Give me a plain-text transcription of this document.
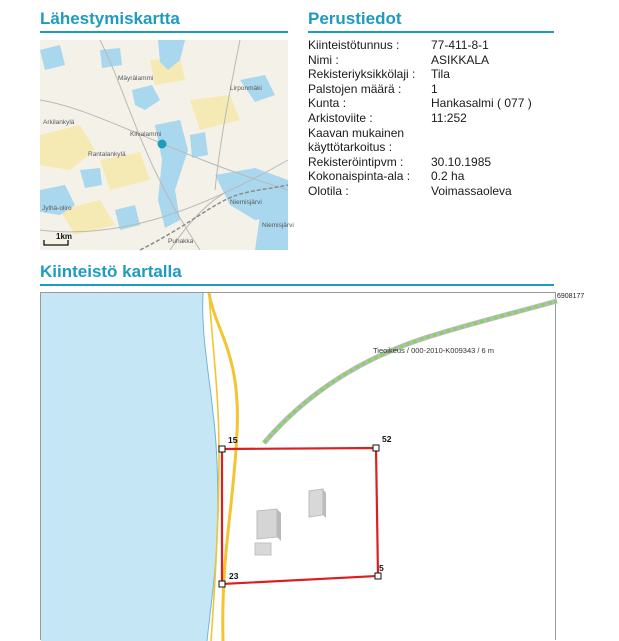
Lähestymiskartta	Perustiedot
Kiinteistö kartalla
Mäyrälammi
Lirponmäki
Arkilankylä
Rantalankylä
Niemisjärvi
Puhakka
Jylhä-oliro
Kilvalammi
Niemisjärvi
1km
Kiinteistötunnus :	77-411-8-1
Nimi :	ASIKKALA
Rekisteriyksikkölaji :	Tila
Palstojen määrä :	1
Kunta :	Hankasalmi ( 077 )
Arkistoviite :	11:252
Kaavan mukainen	
käyttötarkoitus :	
Rekisteröintipvm :	30.10.1985
Kokonaispinta-ala :	0.2 ha
Olotila :	Voimassaoleva
6908177
Tieoikeus / 000-2010-K009343 / 6 m
15	52
23
5
